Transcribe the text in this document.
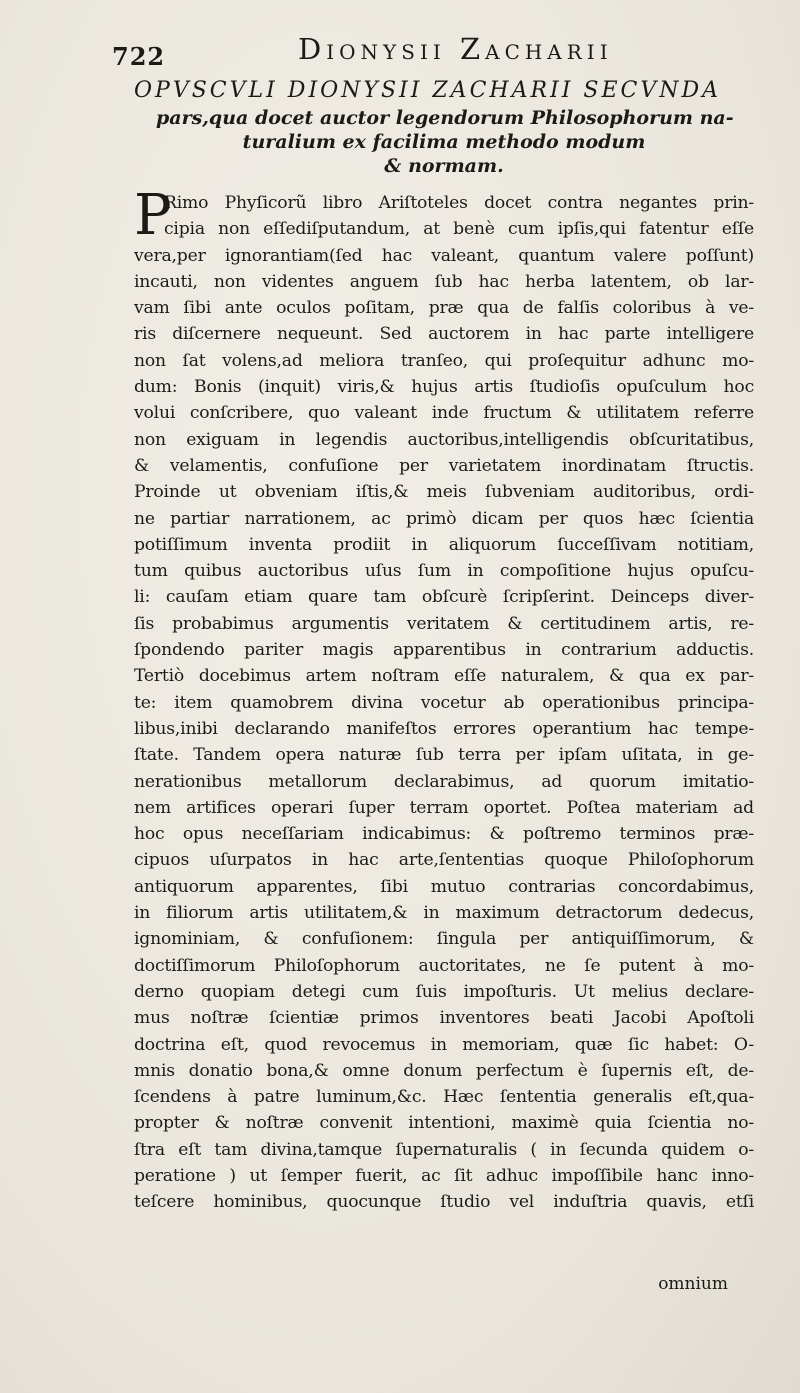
722	Dionysii Zacharii
OPVSCVLI DIONYSII ZACHARII SECVNDA
pars,qua docet auctor legendorum Philosophorum na-
turalium ex facilima methodo modum
& normam.
P
Rimo Phyſicorũ libro Ariſtoteles docet contra negantes prin-
cipia non eſſediſputandum, at benè cum ipſis,qui fatentur eſſe
vera,per ignorantiam(ſed hac valeant, quantum valere poſſunt)
incauti, non videntes anguem ſub hac herba latentem, ob lar-
vam ſibi ante oculos poſitam, præ qua de falſis coloribus à ve-
ris diſcernere nequeunt. Sed auctorem in hac parte intelligere
non ſat volens,ad meliora tranſeo, qui proſequitur adhunc mo-
dum: Bonis (inquit) viris,& hujus artis ſtudioſis opuſculum hoc
volui conſcribere, quo valeant inde fructum & utilitatem referre
non exiguam in legendis auctoribus,intelligendis obſcuritatibus,
& velamentis, confuſione per varietatem inordinatam ſtructis.
Proinde ut obveniam iſtis,& meis ſubveniam auditoribus, ordi-
ne partiar narrationem, ac primò dicam per quos hæc ſcientia
potiſſimum inventa prodiit in aliquorum ſucceſſivam notitiam,
tum quibus auctoribus uſus ſum in compoſitione hujus opuſcu-
li: cauſam etiam quare tam obſcurè ſcripſerint. Deinceps diver-
ſis probabimus argumentis veritatem & certitudinem artis, re-
ſpondendo pariter magis apparentibus in contrarium adductis.
Tertiò docebimus artem noſtram eſſe naturalem, & qua ex par-
te: item quamobrem divina vocetur ab operationibus principa-
libus,inibi declarando manifeſtos errores operantium hac tempe-
ſtate. Tandem opera naturæ ſub terra per ipſam uſitata, in ge-
nerationibus metallorum declarabimus, ad quorum imitatio-
nem artifices operari ſuper terram oportet. Poſtea materiam ad
hoc opus neceſſariam indicabimus: & poſtremo terminos præ-
cipuos uſurpatos in hac arte,ſententias quoque Philoſophorum
antiquorum apparentes, ſibi mutuo contrarias concordabimus,
in filiorum artis utilitatem,& in maximum detractorum dedecus,
ignominiam, & confuſionem: ſingula per antiquiſſimorum, &
doctiſſimorum Philoſophorum auctoritates, ne ſe putent à mo-
derno quopiam detegi cum ſuis impoſturis. Ut melius declare-
mus noſtræ ſcientiæ primos inventores beati Jacobi Apoſtoli
doctrina eſt, quod revocemus in memoriam, quæ ſic habet: O-
mnis donatio bona,& omne donum perfectum è ſupernis eſt, de-
ſcendens à patre luminum,&c. Hæc ſententia generalis eſt,qua-
propter & noſtræ convenit intentioni, maximè quia ſcientia no-
ſtra eſt tam divina,tamque ſupernaturalis ( in ſecunda quidem o-
peratione ) ut ſemper fuerit, ac ſit adhuc impoſſibile hanc inno-
teſcere hominibus, quocunque ſtudio vel induſtria quavis, etſi
omnium
